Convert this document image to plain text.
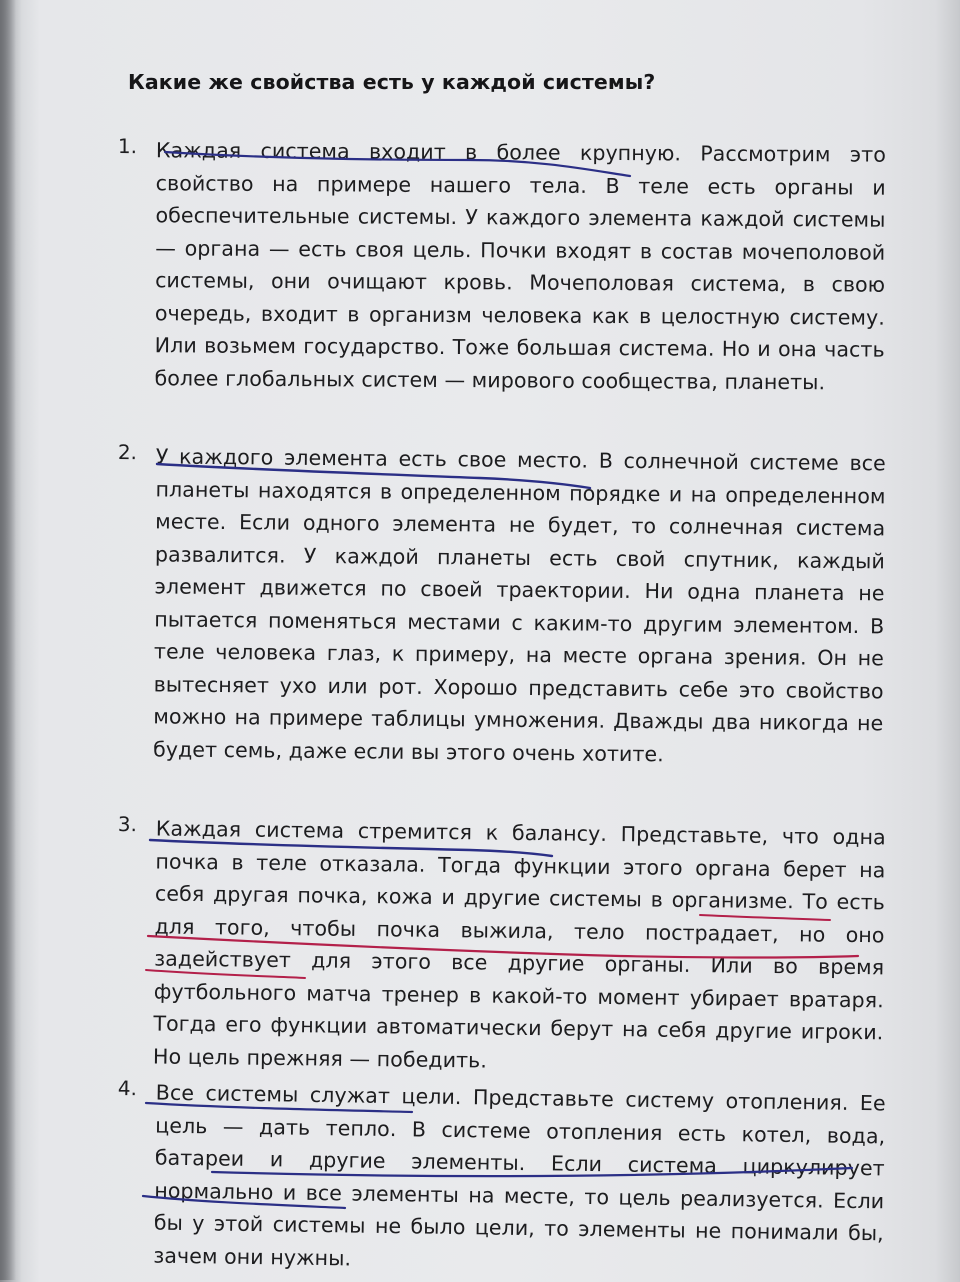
Какие же свойства есть у каждой системы?
1. Каждая система входит в более крупную. Рассмотрим это свойство на примере нашего тела. В теле есть органы и обеспечительные системы. У каждого элемента каждой системы — органа — есть своя цель. Почки входят в состав мочеполовой системы, они очищают кровь. Мочеполовая система, в свою очередь, входит в организм человека как в целостную систему. Или возьмем государство. Тоже большая система. Но и она часть более глобальных систем — мирового сообщества, планеты.

2. У каждого элемента есть свое место. В солнечной системе все планеты находятся в определенном порядке и на определенном месте. Если одного элемента не будет, то солнечная система развалится. У каждой планеты есть свой спутник, каждый элемент движется по своей траектории. Ни одна планета не пытается поменяться местами с каким-то другим элементом. В теле человека глаз, к примеру, на месте органа зрения. Он не вытесняет ухо или рот. Хорошо представить себе это свойство можно на примере таблицы умножения. Дважды два никогда не будет семь, даже если вы этого очень хотите.

3. Каждая система стремится к балансу. Представьте, что одна почка в теле отказала. Тогда функции этого органа берет на себя другая почка, кожа и другие системы в организме. То есть для того, чтобы почка выжила, тело пострадает, но оно задействует для этого все другие органы. Или во время футбольного матча тренер в какой-то момент убирает вратаря. Тогда его функции автоматически берут на себя другие игроки. Но цель прежняя — победить.

4. Все системы служат цели. Представьте систему отопления. Ее цель — дать тепло. В системе отопления есть котел, вода, батареи и другие элементы. Если система циркулирует нормально и все элементы на месте, то цель реализуется. Если бы у этой системы не было цели, то элементы не понимали бы, зачем они нужны.
